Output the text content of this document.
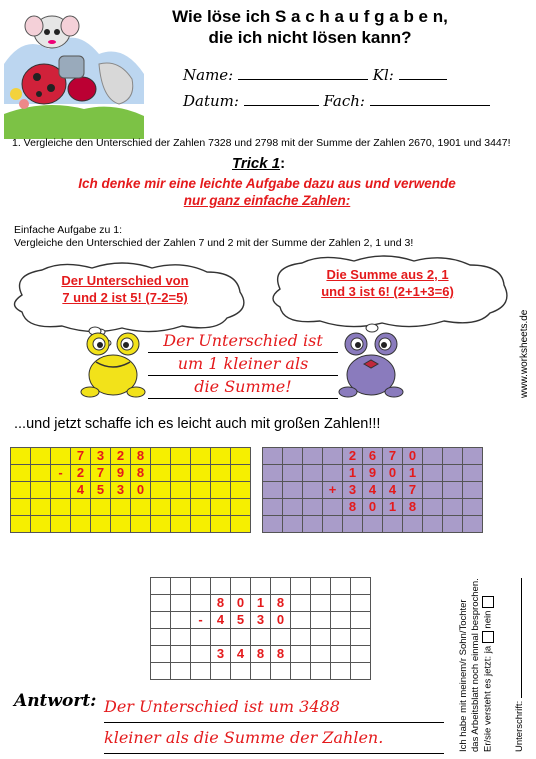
Wie löse ich S a c h a u f g a b e n,
die ich nicht lösen kann?
Name:	Kl:
Datum:	Fach:
1. Vergleiche den Unterschied der Zahlen 7328 und 2798 mit der Summe der Zahlen 2670, 1901 und 3447!
Trick 1:
Ich denke mir eine leichte Aufgabe dazu aus und verwende
nur ganz einfache Zahlen:
Einfache Aufgabe zu 1:
Vergleiche den Unterschied der Zahlen 7 und 2 mit der Summe der Zahlen 2, 1 und 3!
Der Unterschied von
7 und 2 ist 5! (7-2=5)
Die Summe aus 2, 1
und 3 ist 6! (2+1+3=6)
Der Unterschied ist
um 1 kleiner als
die Summe!
...und jetzt schaffe ich es leicht auch mit großen Zahlen!!!
			7	3	2	8					
		-	2	7	9	8					
			4	5	3	0					

				2	6	7	0			
				1	9	0	1			
			+	3	4	4	7			
				8	0	1	8			

			8	0	1	8				
		-	4	5	3	0				

			3	4	8	8				

Antwort: Der Unterschied ist um 3488
kleiner als die Summe der Zahlen.	Ich habe mit meinem/r Sohn/Tochter das Arbeitsblatt noch einmal besprochen. Er/sie versteht es jetzt: ja  nein
Unterschrift:
www.worksheets.de
